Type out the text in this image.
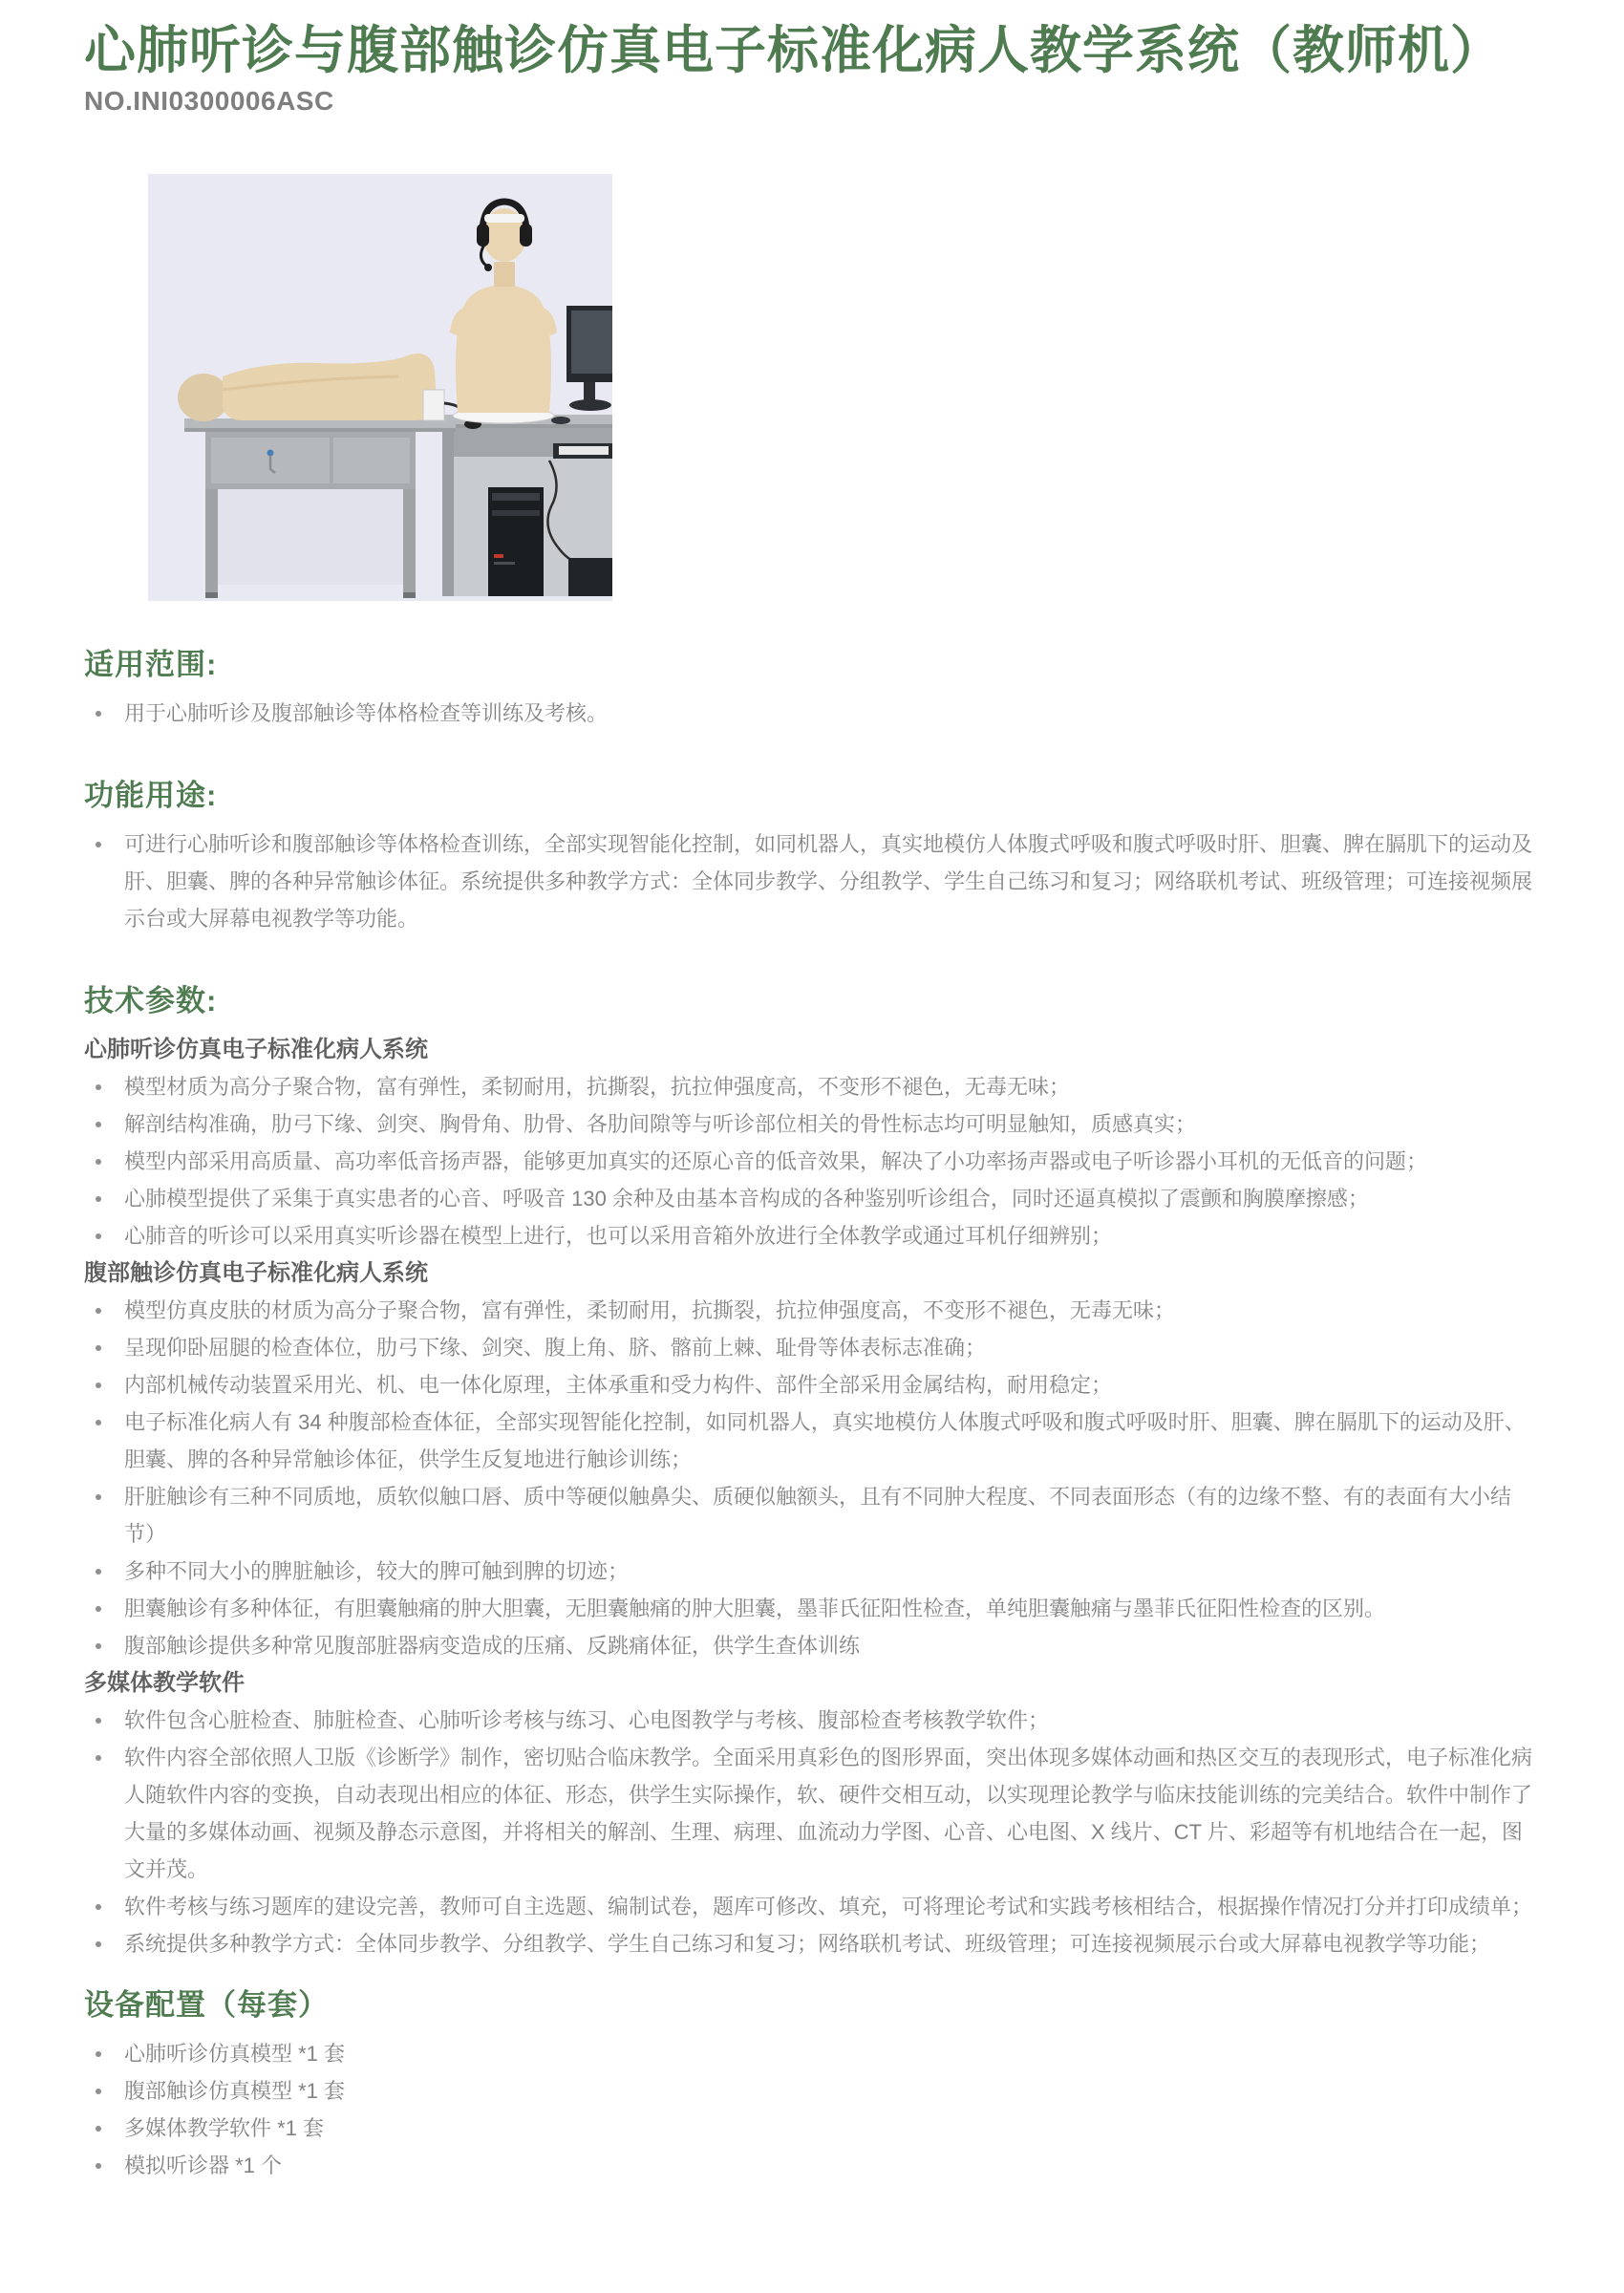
心肺听诊与腹部触诊仿真电子标准化病人教学系统（教师机）
NO.INI0300006ASC
适用范围:
用于心肺听诊及腹部触诊等体格检查等训练及考核。
功能用途:
可进行心肺听诊和腹部触诊等体格检查训练，全部实现智能化控制，如同机器人，真实地模仿人体腹式呼吸和腹式呼吸时肝、胆囊、脾在膈肌下的运动及肝、胆囊、脾的各种异常触诊体征。系统提供多种教学方式：全体同步教学、分组教学、学生自己练习和复习；网络联机考试、班级管理；可连接视频展示台或大屏幕电视教学等功能。
技术参数:
心肺听诊仿真电子标准化病人系统
模型材质为高分子聚合物，富有弹性，柔韧耐用，抗撕裂，抗拉伸强度高，不变形不褪色，无毒无味；
解剖结构准确，肋弓下缘、剑突、胸骨角、肋骨、各肋间隙等与听诊部位相关的骨性标志均可明显触知，质感真实；
模型内部采用高质量、高功率低音扬声器，能够更加真实的还原心音的低音效果，解决了小功率扬声器或电子听诊器小耳机的无低音的问题；
心肺模型提供了采集于真实患者的心音、呼吸音 130 余种及由基本音构成的各种鉴别听诊组合，同时还逼真模拟了震颤和胸膜摩擦感；
心肺音的听诊可以采用真实听诊器在模型上进行，也可以采用音箱外放进行全体教学或通过耳机仔细辨别；
腹部触诊仿真电子标准化病人系统
模型仿真皮肤的材质为高分子聚合物，富有弹性，柔韧耐用，抗撕裂，抗拉伸强度高，不变形不褪色，无毒无味；
呈现仰卧屈腿的检查体位，肋弓下缘、剑突、腹上角、脐、髂前上棘、耻骨等体表标志准确；
内部机械传动装置采用光、机、电一体化原理，主体承重和受力构件、部件全部采用金属结构，耐用稳定；
电子标准化病人有 34 种腹部检查体征，全部实现智能化控制，如同机器人，真实地模仿人体腹式呼吸和腹式呼吸时肝、胆囊、脾在膈肌下的运动及肝、胆囊、脾的各种异常触诊体征，供学生反复地进行触诊训练；
肝脏触诊有三种不同质地，质软似触口唇、质中等硬似触鼻尖、质硬似触额头，且有不同肿大程度、不同表面形态（有的边缘不整、有的表面有大小结节）
多种不同大小的脾脏触诊，较大的脾可触到脾的切迹；
胆囊触诊有多种体征，有胆囊触痛的肿大胆囊，无胆囊触痛的肿大胆囊，墨菲氏征阳性检查，单纯胆囊触痛与墨菲氏征阳性检查的区别。
腹部触诊提供多种常见腹部脏器病变造成的压痛、反跳痛体征，供学生查体训练
多媒体教学软件
软件包含心脏检查、肺脏检查、心肺听诊考核与练习、心电图教学与考核、腹部检查考核教学软件；
软件内容全部依照人卫版《诊断学》制作，密切贴合临床教学。全面采用真彩色的图形界面，突出体现多媒体动画和热区交互的表现形式，电子标准化病人随软件内容的变换，自动表现出相应的体征、形态，供学生实际操作，软、硬件交相互动，以实现理论教学与临床技能训练的完美结合。软件中制作了大量的多媒体动画、视频及静态示意图，并将相关的解剖、生理、病理、血流动力学图、心音、心电图、X 线片、CT 片、彩超等有机地结合在一起，图文并茂。
软件考核与练习题库的建设完善，教师可自主选题、编制试卷，题库可修改、填充，可将理论考试和实践考核相结合，根据操作情况打分并打印成绩单；
系统提供多种教学方式：全体同步教学、分组教学、学生自己练习和复习；网络联机考试、班级管理；可连接视频展示台或大屏幕电视教学等功能；
设备配置（每套）
心肺听诊仿真模型 *1 套
腹部触诊仿真模型 *1 套
多媒体教学软件 *1 套
模拟听诊器 *1 个
